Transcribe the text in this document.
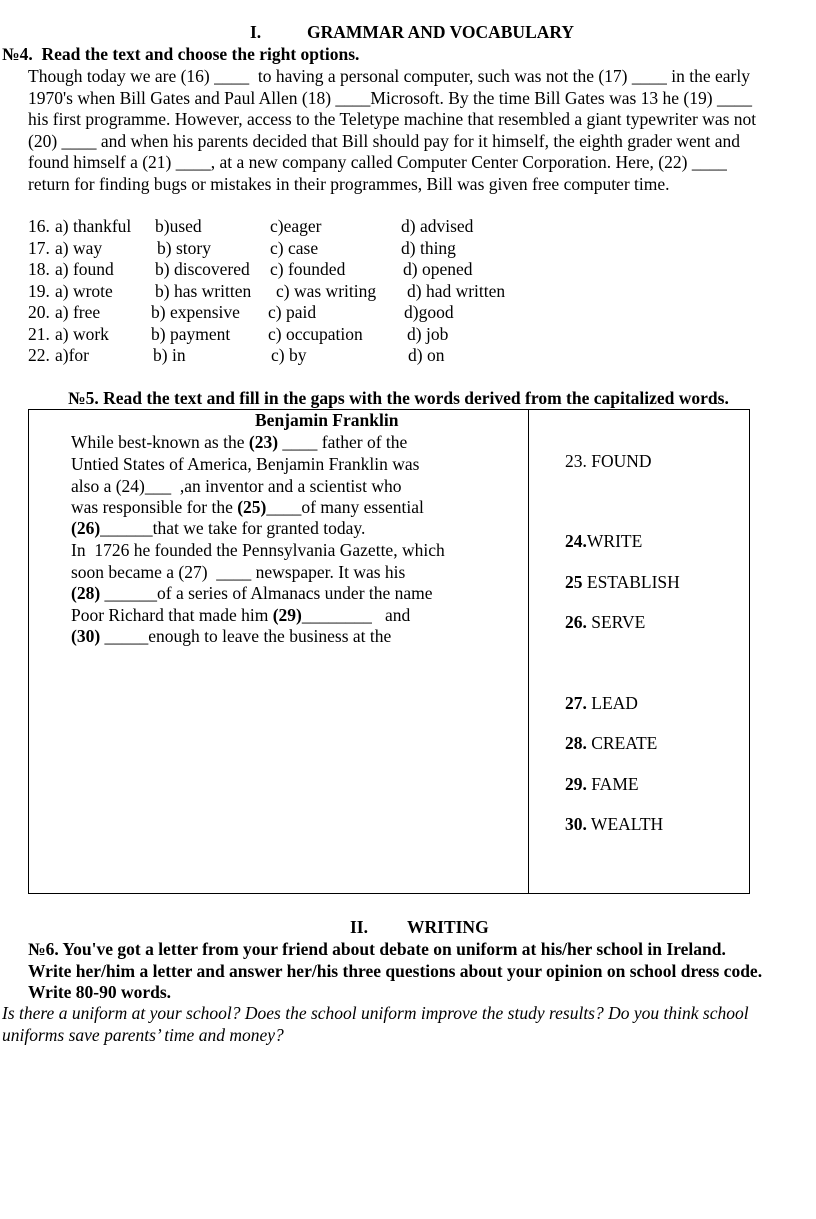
I.	GRAMMAR AND VOCABULARY
№4.  Read the text and choose the right options.
Though today we are (16) ____  to having a personal computer, such was not the (17) ____ in the early
1970's when Bill Gates and Paul Allen (18) ____Microsoft. By the time Bill Gates was 13 he (19) ____
his first programme. However, access to the Teletype machine that resembled a giant typewriter was not
(20) ____ and when his parents decided that Bill should pay for it himself, the eighth grader went and
found himself a (21) ____, at a new company called Computer Center Corporation. Here, (22) ____
return for finding bugs or mistakes in their programmes, Bill was given free computer time.
16. a) thankful b)used	c)eager	d) advised
17. a) way	b) story	c) case	d) thing
18. a) found b) discovered c) founded	d) opened
19. a) wrote b) has written c) was writing d) had written
20. a) free	b) expensive c) paid	d)good
21. a) work b) payment c) occupation	d) job
22. a)for	b) in	c) by	d) on
№5. Read the text and fill in the gaps with the words derived from the capitalized words.
Benjamin Franklin
While best-known as the (23) ____ father of the
Untied States of America, Benjamin Franklin was
also a (24)___  ,an inventor and a scientist who
was responsible for the (25)____of many essential
(26)______that we take for granted today.
In  1726 he founded the Pennsylvania Gazette, which
soon became a (27)  ____ newspaper. It was his
(28) ______of a series of Almanacs under the name
Poor Richard that made him (29)________   and
(30) _____enough to leave the business at the
23. FOUND
24.WRITE
25 ESTABLISH
26. SERVE
27. LEAD
28. CREATE
29. FAME
30. WEALTH
II. WRITING
№6. You've got a letter from your friend about debate on uniform at his/her school in Ireland.
Write her/him a letter and answer her/his three questions about your opinion on school dress code.
Write 80-90 words.
Is there a uniform at your school? Does the school uniform improve the study results? Do you think school
uniforms save parents’ time and money?
